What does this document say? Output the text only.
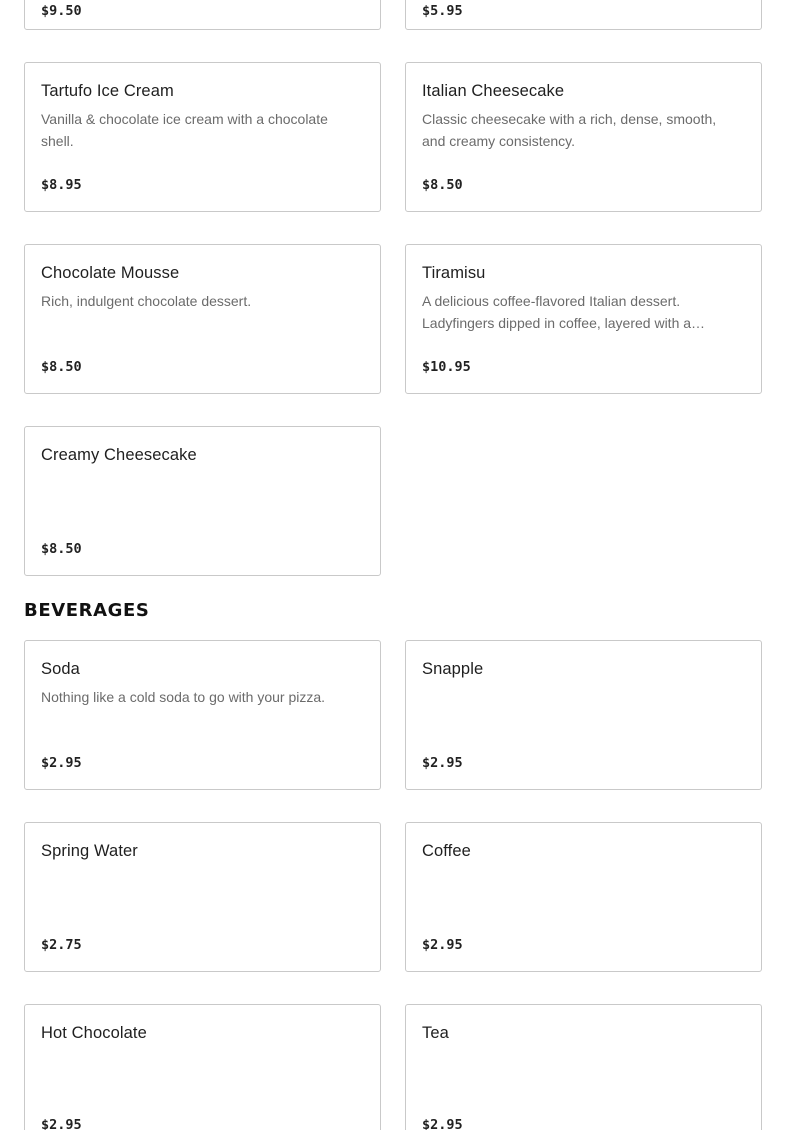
$9.50	$5.95
Tartufo Ice Cream
Vanilla & chocolate ice cream with a chocolate shell.
$8.95
Italian Cheesecake
Classic cheesecake with a rich, dense, smooth, and creamy consistency.
$8.50
Chocolate Mousse
Rich, indulgent chocolate dessert.
$8.50
Tiramisu
A delicious coffee-flavored Italian dessert. Ladyfingers dipped in coffee, layered with a…
$10.95
Creamy Cheesecake
$8.50
BEVERAGES
Soda
Nothing like a cold soda to go with your pizza.
$2.95
Snapple
$2.95
Spring Water
$2.75
Coffee
$2.95
Hot Chocolate
$2.95
Tea
$2.95
